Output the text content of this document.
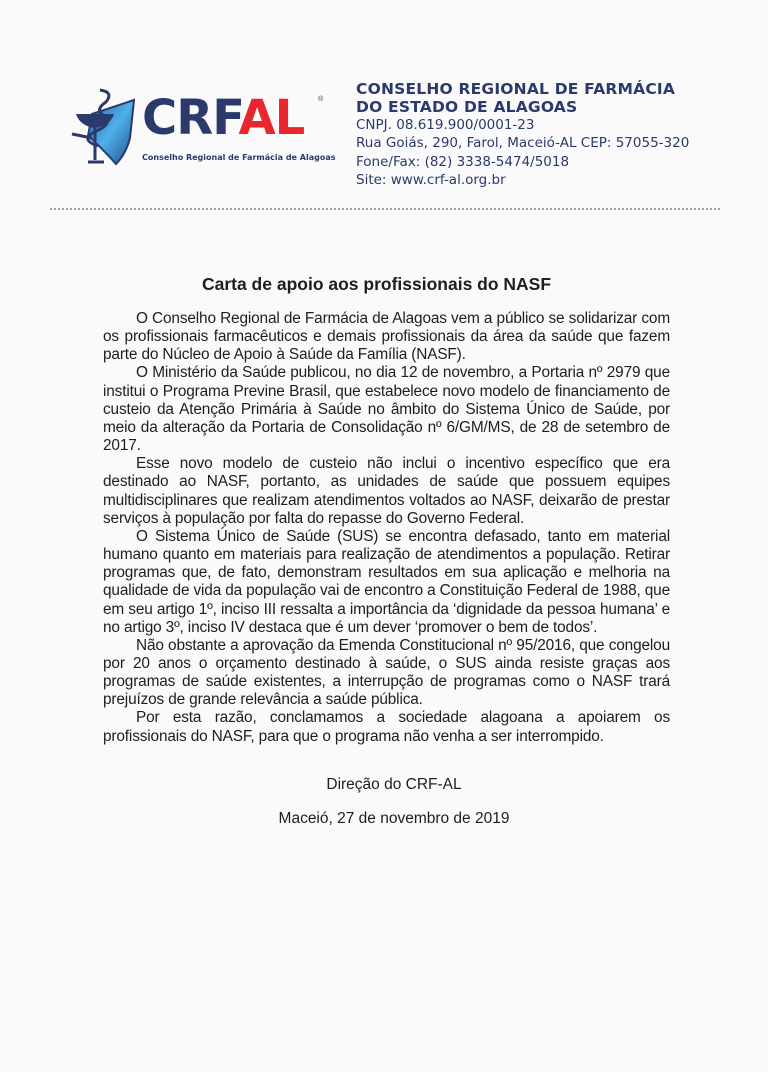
CRFAL ®
Conselho Regional de Farmácia de Alagoas
CONSELHO REGIONAL DE FARMÁCIA
DO ESTADO DE ALAGOAS
CNPJ. 08.619.900/0001-23
Rua Goiás, 290, Farol, Maceió-AL CEP: 57055-320
Fone/Fax: (82) 3338-5474/5018
Site: www.crf-al.org.br
Carta de apoio aos profissionais do NASF

O Conselho Regional de Farmácia de Alagoas vem a público se solidarizar com os profissionais farmacêuticos e demais profissionais da área da saúde que fazem parte do Núcleo de Apoio à Saúde da Família (NASF).

O Ministério da Saúde publicou, no dia 12 de novembro, a Portaria nº 2979 que institui o Programa Previne Brasil, que estabelece novo modelo de financiamento de custeio da Atenção Primária à Saúde no âmbito do Sistema Único de Saúde, por meio da alteração da Portaria de Consolidação nº 6/GM/MS, de 28 de setembro de 2017.

Esse novo modelo de custeio não inclui o incentivo específico que era destinado ao NASF, portanto, as unidades de saúde que possuem equipes multidisciplinares que realizam atendimentos voltados ao NASF, deixarão de prestar serviços à população por falta do repasse do Governo Federal.

O Sistema Único de Saúde (SUS) se encontra defasado, tanto em material humano quanto em materiais para realização de atendimentos a população. Retirar programas que, de fato, demonstram resultados em sua aplicação e melhoria na qualidade de vida da população vai de encontro a Constituição Federal de 1988, que em seu artigo 1º, inciso III ressalta a importância da ‘dignidade da pessoa humana’ e no artigo 3º, inciso IV destaca que é um dever ‘promover o bem de todos’.

Não obstante a aprovação da Emenda Constitucional nº 95/2016, que congelou por 20 anos o orçamento destinado à saúde, o SUS ainda resiste graças aos programas de saúde existentes, a interrupção de programas como o NASF trará prejuízos de grande relevância a saúde pública.

Por esta razão, conclamamos a sociedade alagoana a apoiarem os profissionais do NASF, para que o programa não venha a ser interrompido.

Direção do CRF-AL
Maceió, 27 de novembro de 2019
